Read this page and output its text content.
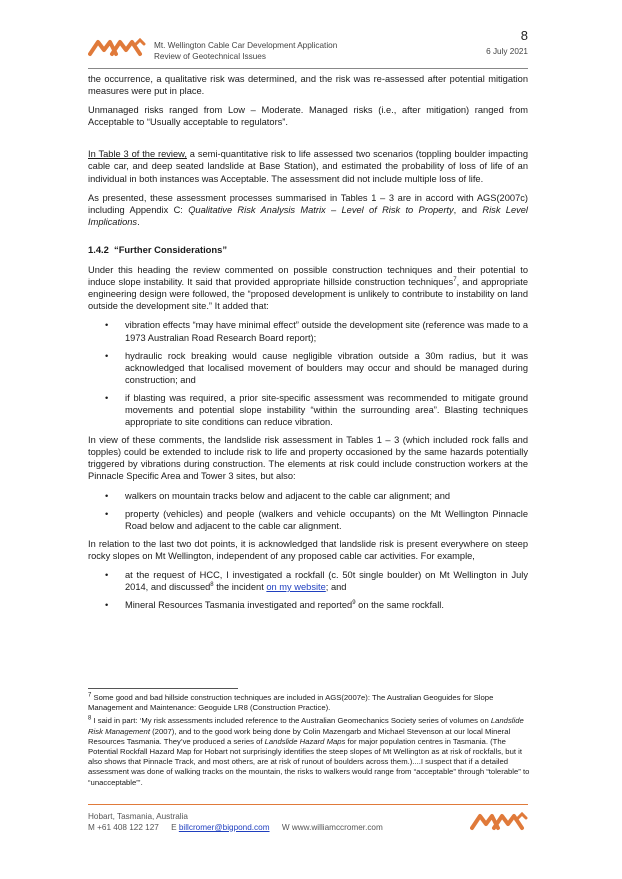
Mt. Wellington Cable Car Development Application
Review of Geotechnical Issues
8
6 July 2021

the occurrence, a qualitative risk was determined, and the risk was re-assessed after potential mitigation measures were put in place.

Unmanaged risks ranged from Low – Moderate. Managed risks (i.e., after mitigation) ranged from Acceptable to “Usually acceptable to regulators”.

In Table 3 of the review, a semi-quantitative risk to life assessed two scenarios (toppling boulder impacting cable car, and deep seated landslide at Base Station), and estimated the probability of loss of life of an individual in both instances was Acceptable. The assessment did not include multiple loss of life.

As presented, these assessment processes summarised in Tables 1 – 3 are in accord with AGS(2007c) including Appendix C: Qualitative Risk Analysis Matrix – Level of Risk to Property, and Risk Level Implications.

1.4.2 “Further Considerations”

Under this heading the review commented on possible construction techniques and their potential to induce slope instability. It said that provided appropriate hillside construction techniques$^7$, and appropriate engineering design were followed, the “proposed development is unlikely to contribute to instability on land outside the development site.” It added that:

• vibration effects “may have minimal effect” outside the development site (reference was made to a 1973 Australian Road Research Board report);
• hydraulic rock breaking would cause negligible vibration outside a 30m radius, but it was acknowledged that localised movement of boulders may occur and should be managed during construction; and
• if blasting was required, a prior site-specific assessment was recommended to mitigate ground movements and potential slope instability “within the surrounding area”. Blasting techniques appropriate to site conditions can reduce vibration.

In view of these comments, the landslide risk assessment in Tables 1 – 3 (which included rock falls and topples) could be extended to include risk to life and property occasioned by the same hazards potentially triggered by vibrations during construction. The elements at risk could include construction workers at the Pinnacle Specific Area and Tower 3 sites, but also:

• walkers on mountain tracks below and adjacent to the cable car alignment; and
• property (vehicles) and people (walkers and vehicle occupants) on the Mt Wellington Pinnacle Road below and adjacent to the cable car alignment.

In relation to the last two dot points, it is acknowledged that landslide risk is present everywhere on steep rocky slopes on Mt Wellington, independent of any proposed cable car activities. For example,

• at the request of HCC, I investigated a rockfall (c. 50t single boulder) on Mt Wellington in July 2014, and discussed$^8$ the incident on my website; and
• Mineral Resources Tasmania investigated and reported$^9$ on the same rockfall.

$^7$ Some good and bad hillside construction techniques are included in AGS(2007e): The Australian Geoguides for Slope Management and Maintenance: Geoguide LR8 (Construction Practice).

$^8$ I said in part: ‘My risk assessments included reference to the Australian Geomechanics Society series of volumes on Landslide Risk Management (2007), and to the good work being done by Colin Mazengarb and Michael Stevenson at our local Mineral Resources Tasmania. They’ve produced a series of Landslide Hazard Maps for major population centres in Tasmania. (The Potential Rockfall Hazard Map for Hobart not surprisingly identifies the steep slopes of Mt Wellington as at risk of rockfalls, but it also shows that Pinnacle Track, and most others, are at risk of runout of boulders across them.)....I suspect that if a detailed assessment was done of walking tracks on the mountain, the risks to walkers would range from “acceptable” through “tolerable” to “unacceptable”’.

Hobart, Tasmania, Australia
M +61 408 122 127 E billcromer@bigpond.com W www.williamccromer.com
